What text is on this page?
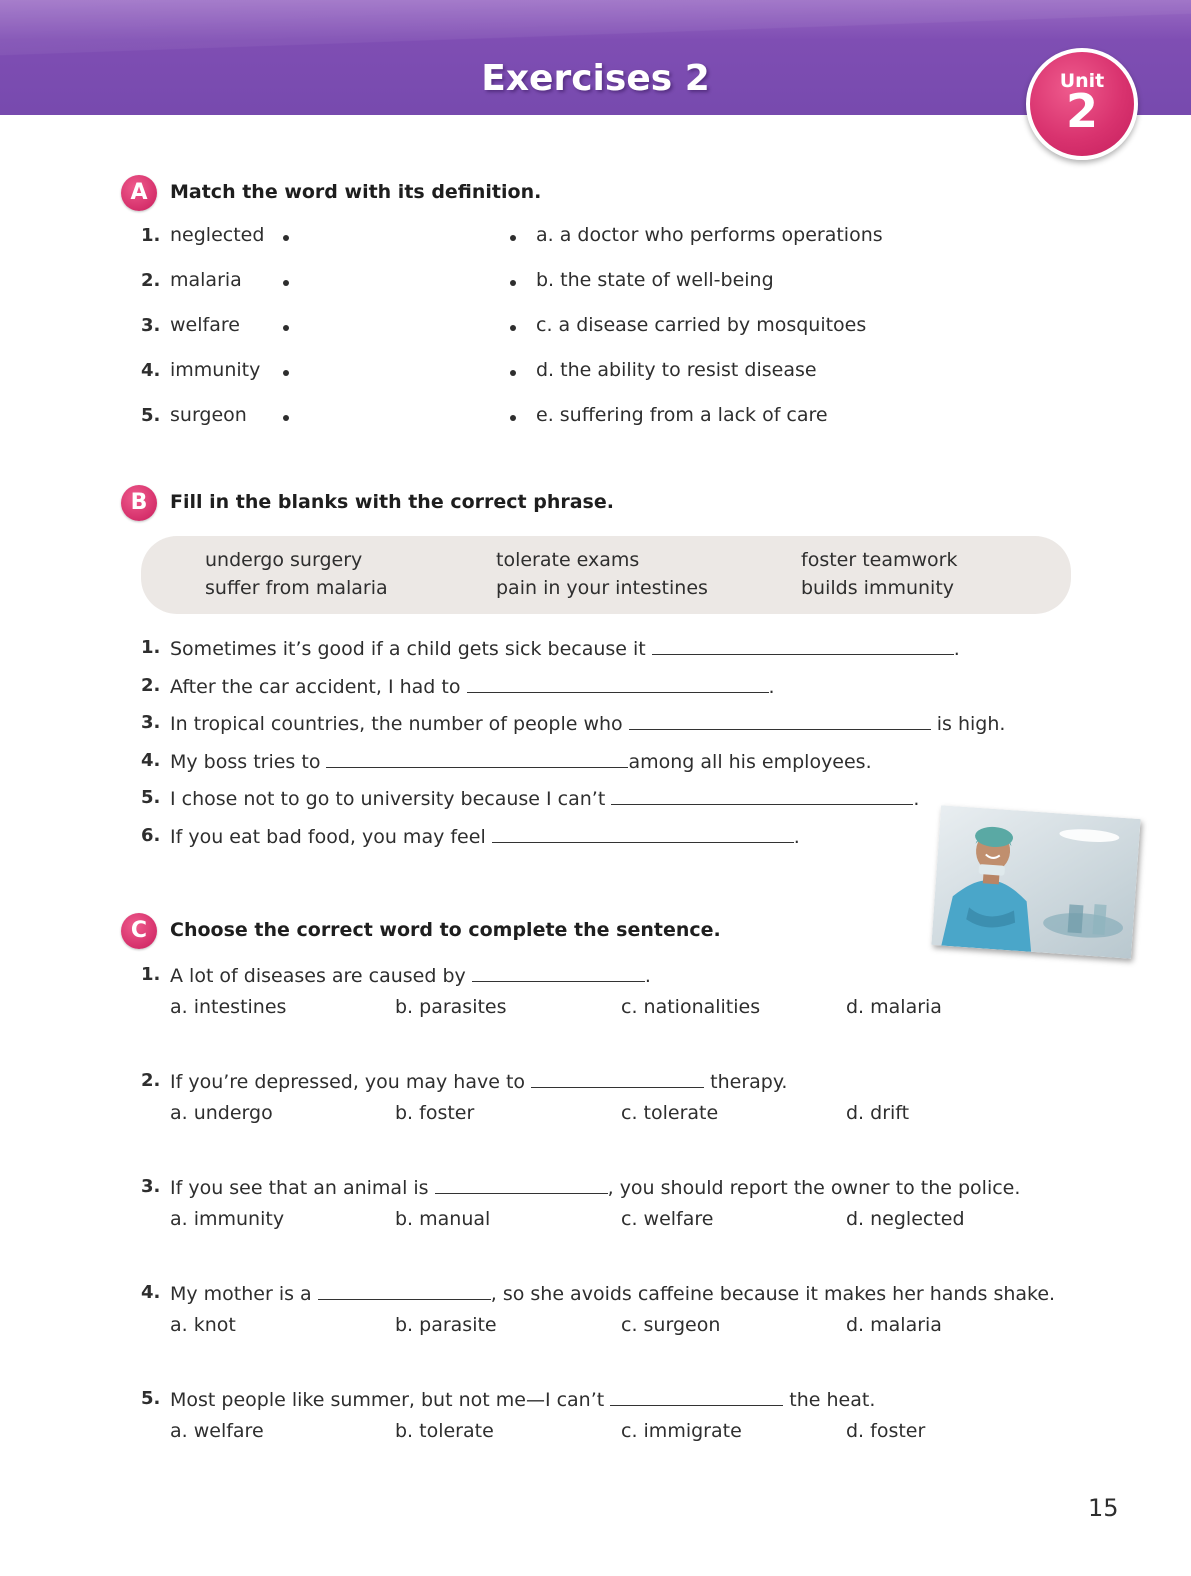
Exercises 2	Unit
2
A	Match the word with its definition.
1. neglected	a. a doctor who performs operations
2. malaria	b. the state of well-being
3. welfare	c. a disease carried by mosquitoes
4. immunity	d. the ability to resist disease
5. surgeon	e. suffering from a lack of care
B	Fill in the blanks with the correct phrase.
undergo surgery	tolerate exams	foster teamwork
suffer from malaria	pain in your intestines	builds immunity
1. Sometimes it’s good if a child gets sick because it	.
2. After the car accident, I had to	.
3. In tropical countries, the number of people who	is high.
4. My boss tries to	among all his employees.
5. I chose not to go to university because I can’t	.
6. If you eat bad food, you may feel	.
C	Choose the correct word to complete the sentence.
1. A lot of diseases are caused by	.
a. intestines	b. parasites	c. nationalities	d. malaria
2. If you’re depressed, you may have to	therapy.
a. undergo	b. foster	c. tolerate	d. drift
3. If you see that an animal is	, you should report the owner to the police.
a. immunity	b. manual	c. welfare	d. neglected
4. My mother is a	, so she avoids caffeine because it makes her hands shake.
a. knot	b. parasite	c. surgeon	d. malaria
5. Most people like summer, but not me—I can’t	the heat.
a. welfare	b. tolerate	c. immigrate	d. foster
15
